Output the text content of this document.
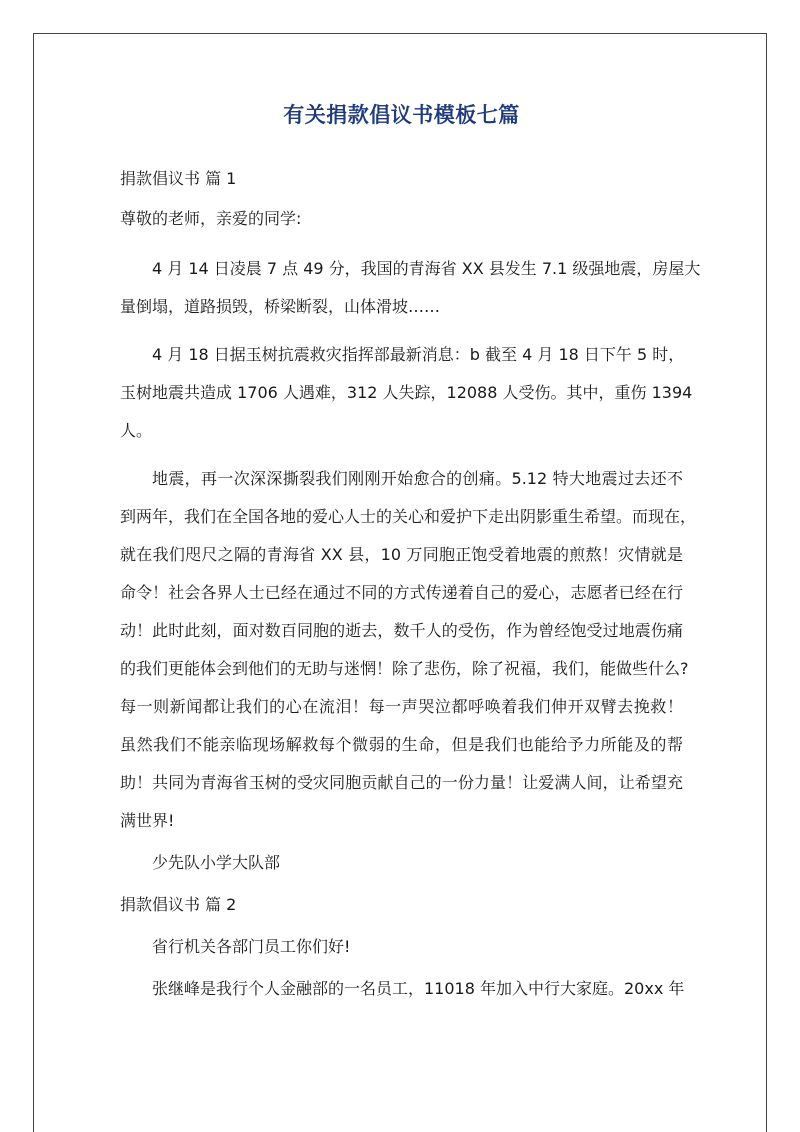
有关捐款倡议书模板七篇
捐款倡议书 篇 1
尊敬的老师，亲爱的同学:
4 月 14 日凌晨 7 点 49 分，我国的青海省 XX 县发生 7.1 级强地震，房屋大
量倒塌，道路损毁，桥梁断裂，山体滑坡……
4 月 18 日据玉树抗震救灾指挥部最新消息：b 截至 4 月 18 日下午 5 时，
玉树地震共造成 1706 人遇难，312 人失踪，12088 人受伤。其中，重伤 1394
人。
地震，再一次深深撕裂我们刚刚开始愈合的创痛。5.12 特大地震过去还不
到两年，我们在全国各地的爱心人士的关心和爱护下走出阴影重生希望。而现在，
就在我们咫尺之隔的青海省 XX 县，10 万同胞正饱受着地震的煎熬！灾情就是
命令！社会各界人士已经在通过不同的方式传递着自己的爱心，志愿者已经在行
动！此时此刻，面对数百同胞的逝去，数千人的受伤，作为曾经饱受过地震伤痛
的我们更能体会到他们的无助与迷惘！除了悲伤，除了祝福，我们，能做些什么?
每一则新闻都让我们的心在流泪！每一声哭泣都呼唤着我们伸开双臂去挽救！
虽然我们不能亲临现场解救每个微弱的生命，但是我们也能给予力所能及的帮
助！共同为青海省玉树的受灾同胞贡献自己的一份力量！让爱满人间，让希望充
满世界!
少先队小学大队部
捐款倡议书 篇 2
省行机关各部门员工你们好!
张继峰是我行个人金融部的一名员工，11018 年加入中行大家庭。20xx 年
